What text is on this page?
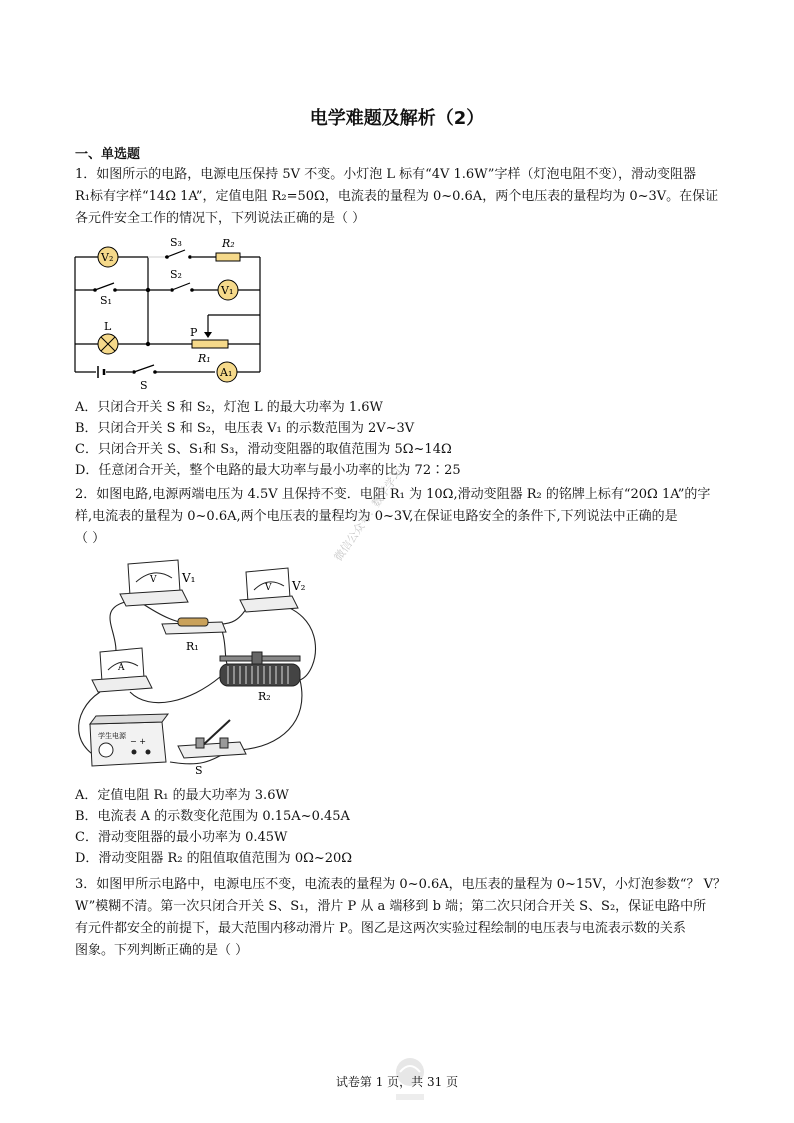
电学难题及解析（2）
一、单选题
1．如图所示的电路，电源电压保持 5V 不变。小灯泡 L 标有“4V 1.6W”字样（灯泡电阻不变），滑动变阻器
R₁标有字样“14Ω 1A”，定值电阻 R₂=50Ω，电流表的量程为 0~0.6A，两个电压表的量程均为 0~3V。在保证
各元件安全工作的情况下，下列说法正确的是（ ）
V₂
V₁
A₁
S₃
S₂
S₁
S
R₂
R₁
L	P
A．只闭合开关 S 和 S₂，灯泡 L 的最大功率为 1.6W
B．只闭合开关 S 和 S₂，电压表 V₁ 的示数范围为 2V~3V
C．只闭合开关 S、S₁和 S₃，滑动变阻器的取值范围为 5Ω~14Ω
D．任意闭合开关，整个电路的最大功率与最小功率的比为 72∶25
2．如图电路,电源两端电压为 4.5V 且保持不变．电阻 R₁ 为 10Ω,滑动变阻器 R₂ 的铭牌上标有“20Ω 1A”的字
样,电流表的量程为 0~0.6A,两个电压表的量程均为 0~3V,在保证电路安全的条件下,下列说法中正确的是
（ ）
V V₁
V V₂
R₁
A
R₂
学生电源
− +
S
微信公众号：数学学习
A．定值电阻 R₁ 的最大功率为 3.6W
B．电流表 A 的示数变化范围为 0.15A~0.45A
C．滑动变阻器的最小功率为 0.45W
D．滑动变阻器 R₂ 的阻值取值范围为 0Ω~20Ω
3．如图甲所示电路中，电源电压不变，电流表的量程为 0~0.6A，电压表的量程为 0~15V，小灯泡参数“？ V？
W”模糊不清。第一次只闭合开关 S、S₁，滑片 P 从 a 端移到 b 端；第二次只闭合开关 S、S₂，保证电路中所
有元件都安全的前提下，最大范围内移动滑片 P。图乙是这两次实验过程绘制的电压表与电流表示数的关系
图象。下列判断正确的是（ ）
试卷第 1 页，共 31 页
